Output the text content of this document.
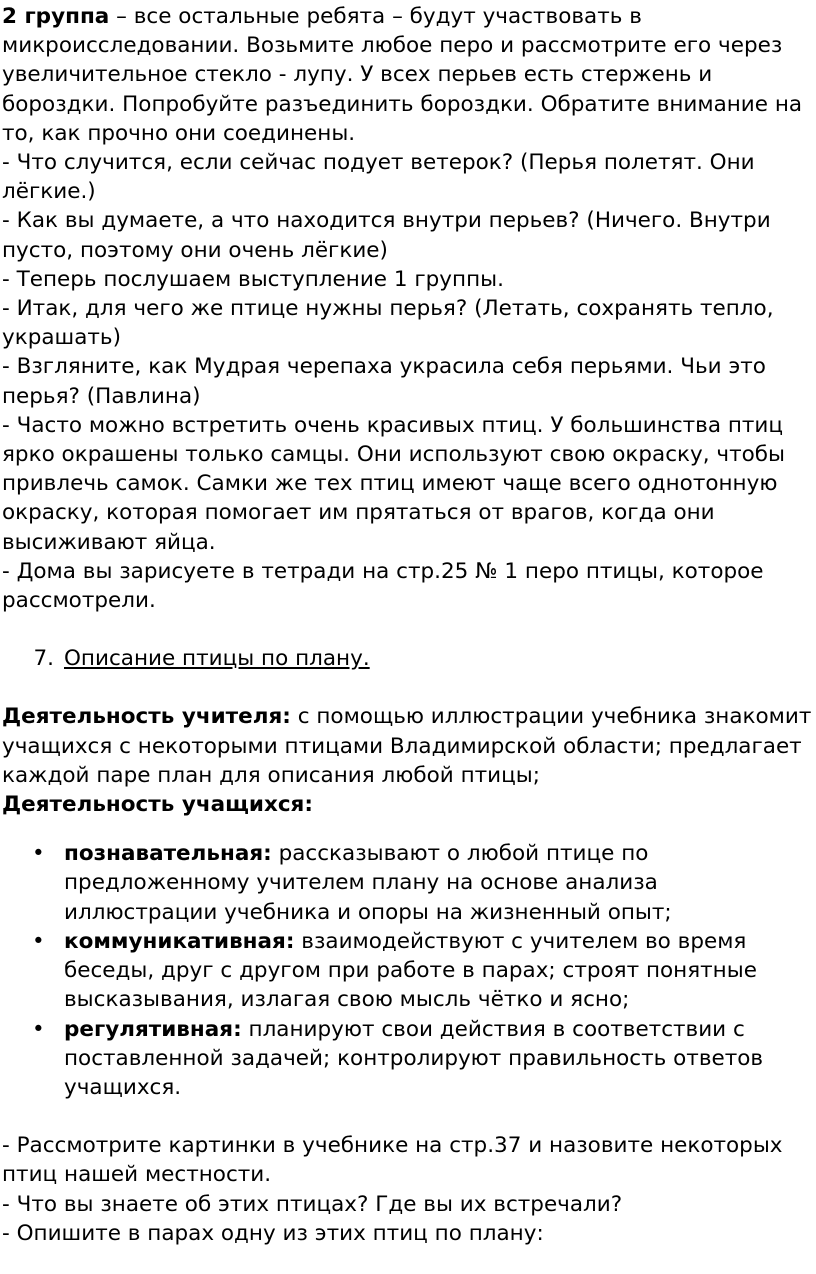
2 группа – все остальные ребята – будут участвовать в микроисследовании. Возьмите любое перо и рассмотрите его через увеличительное стекло - лупу. У всех перьев есть стержень и бороздки. Попробуйте разъединить бороздки. Обратите внимание на то, как прочно они соединены.

- Что случится, если сейчас подует ветерок? (Перья полетят. Они лёгкие.)

- Как вы думаете, а что находится внутри перьев? (Ничего. Внутри пусто, поэтому они очень лёгкие)

- Теперь послушаем выступление 1 группы.

- Итак, для чего же птице нужны перья? (Летать, сохранять тепло, украшать)

- Взгляните, как Мудрая черепаха украсила себя перьями. Чьи это перья? (Павлина)

- Часто можно встретить очень красивых птиц. У большинства птиц ярко окрашены только самцы. Они используют свою окраску, чтобы привлечь самок. Самки же тех птиц имеют чаще всего однотонную окраску, которая помогает им прятаться от врагов, когда они высиживают яйца.

- Дома вы зарисуете в тетради на стр.25 № 1 перо птицы, которое рассмотрели.

7. Описание птицы по плану.

Деятельность учителя: с помощью иллюстрации учебника знакомит учащихся с некоторыми птицами Владимирской области; предлагает каждой паре план для описания любой птицы;

Деятельность учащихся:

• познавательная: рассказывают о любой птице по предложенному учителем плану на основе анализа иллюстрации учебника и опоры на жизненный опыт;
• коммуникативная: взаимодействуют с учителем во время беседы, друг с другом при работе в парах; строят понятные высказывания, излагая свою мысль чётко и ясно;
• регулятивная: планируют свои действия в соответствии с поставленной задачей; контролируют правильность ответов учащихся.

- Рассмотрите картинки в учебнике на стр.37 и назовите некоторых птиц нашей местности.

- Что вы знаете об этих птицах? Где вы их встречали?

- Опишите в парах одну из этих птиц по плану:
